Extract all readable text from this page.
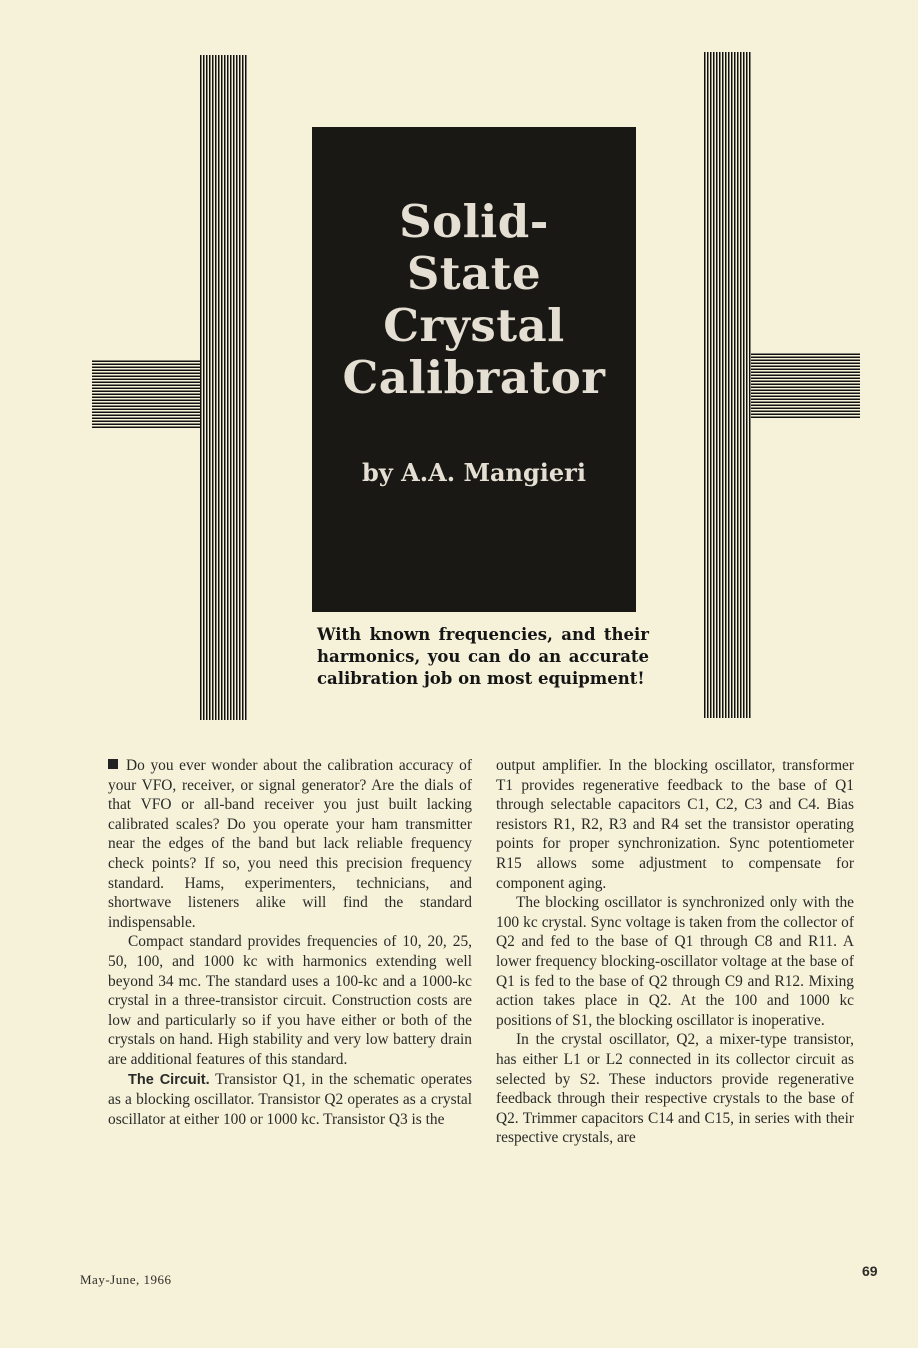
Solid-
State
Crystal
Calibrator

by A.A. Mangieri

With known frequencies, and their harmonics, you can do an accurate calibration job on most equipment!

Do you ever wonder about the calibration accuracy of your VFO, receiver, or signal generator? Are the dials of that VFO or all-band receiver you just built lacking calibrated scales? Do you operate your ham transmitter near the edges of the band but lack reliable frequency check points? If so, you need this precision frequency standard. Hams, experimenters, technicians, and shortwave listeners alike will find the standard indispensable.

Compact standard provides frequencies of 10, 20, 25, 50, 100, and 1000 kc with harmonics extending well beyond 34 mc. The standard uses a 100-kc and a 1000-kc crystal in a three-transistor circuit. Construction costs are low and particularly so if you have either or both of the crystals on hand. High stability and very low battery drain are additional features of this standard.

The Circuit. Transistor Q1, in the schematic operates as a blocking oscillator. Transistor Q2 operates as a crystal oscillator at either 100 or 1000 kc. Transistor Q3 is the

output amplifier. In the blocking oscillator, transformer T1 provides regenerative feedback to the base of Q1 through selectable capacitors C1, C2, C3 and C4. Bias resistors R1, R2, R3 and R4 set the transistor operating points for proper synchronization. Sync potentiometer R15 allows some adjustment to compensate for component aging.

The blocking oscillator is synchronized only with the 100 kc crystal. Sync voltage is taken from the collector of Q2 and fed to the base of Q1 through C8 and R11. A lower frequency blocking-oscillator voltage at the base of Q1 is fed to the base of Q2 through C9 and R12. Mixing action takes place in Q2. At the 100 and 1000 kc positions of S1, the blocking oscillator is inoperative.

In the crystal oscillator, Q2, a mixer-type transistor, has either L1 or L2 connected in its collector circuit as selected by S2. These inductors provide regenerative feedback through their respective crystals to the base of Q2. Trimmer capacitors C14 and C15, in series with their respective crystals, are

May-June, 1966
69
